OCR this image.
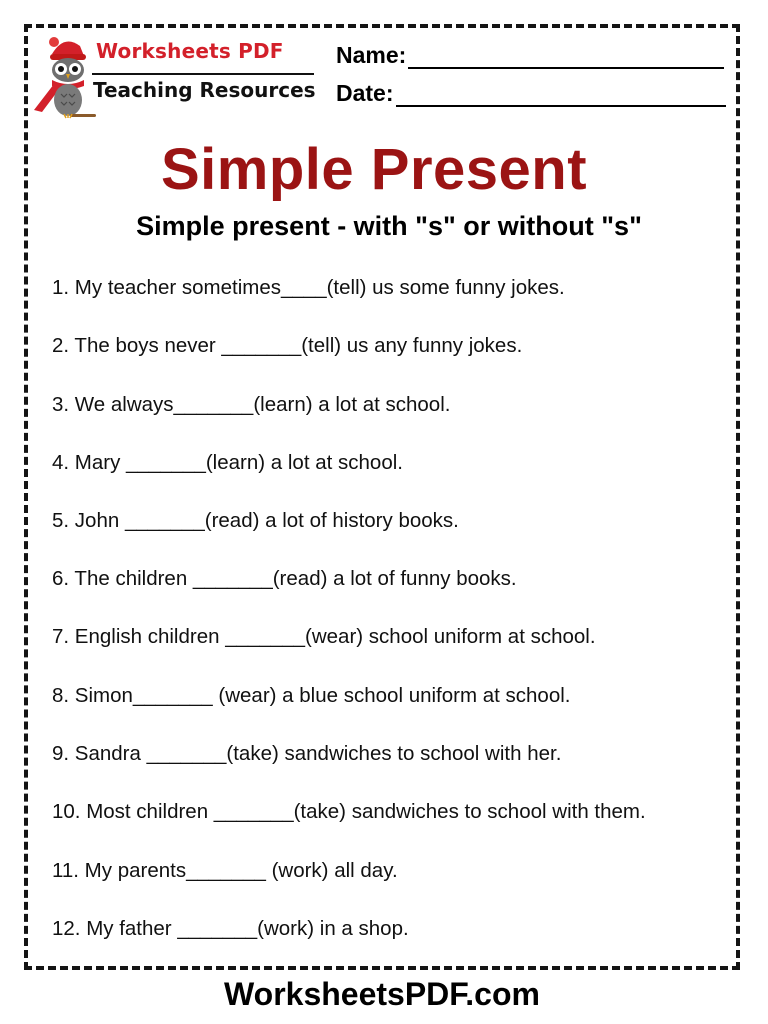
Worksheets PDF
Teaching Resources
Name:
Date:
Simple Present
Simple present - with "s" or without "s"
1. My teacher sometimes____(tell) us some funny jokes.
2. The boys never _______(tell) us any funny jokes.
3. We always_______(learn) a lot at school.
4. Mary _______(learn) a lot at school.
5. John _______(read) a lot of history books.
6. The children _______(read) a lot of funny books.
7. English children _______(wear) school uniform at school.
8. Simon_______ (wear) a blue school uniform at school.
9. Sandra _______(take) sandwiches to school with her.
10. Most children _______(take) sandwiches to school with them.
11. My parents_______ (work) all day.
12. My father _______(work) in a shop.
WorksheetsPDF.com
